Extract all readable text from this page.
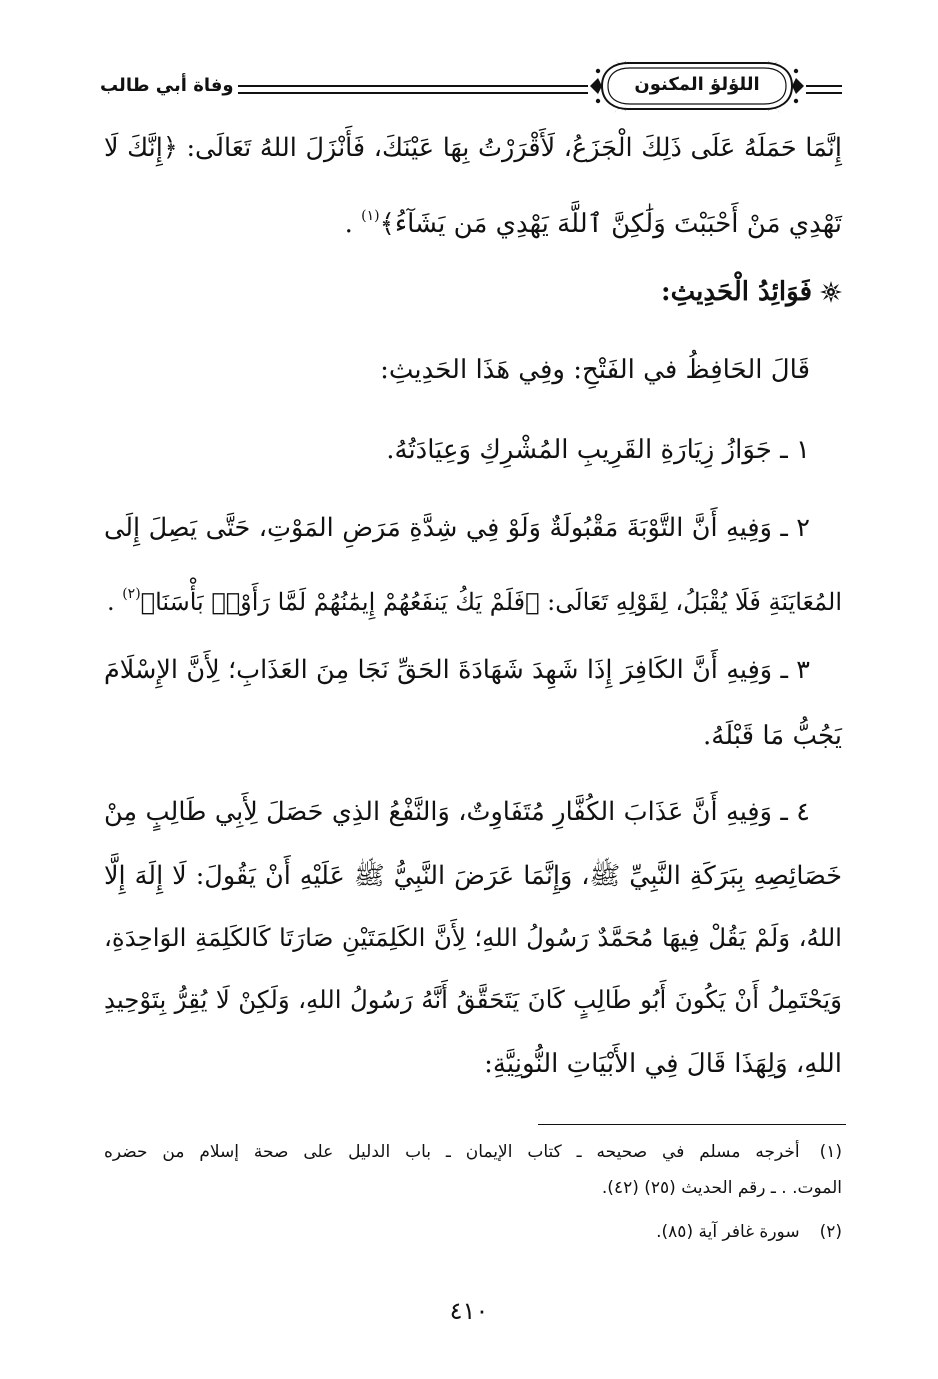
وفاة أبي طالب	اللؤلؤ المكنون
إِنَّمَا حَمَلَهُ عَلَى ذَلِكَ الْجَزَعُ، لَأَقْرَرْتُ بِهَا عَيْنَكَ، فَأَنْزَلَ اللهُ تَعَالَى: ﴿إِنَّكَ لَا
تَهْدِي مَنْ أَحْبَبْتَ وَلَٰكِنَّ ٱللَّهَ يَهْدِي مَن يَشَآءُ﴾$^{(١)}$ .
فَوَائِدُ الْحَدِيثِ:
قَالَ الحَافِظُ في الفَتْحِ: وفِي هَذَا الحَدِيثِ:
١ ـ جَوَازُ زِيَارَةِ القَرِيبِ المُشْرِكِ وَعِيَادَتُهُ.
٢ ـ وَفِيهِ أَنَّ التَّوْبَةَ مَقْبُولَةٌ وَلَوْ فِي شِدَّةِ مَرَضِ المَوْتِ، حَتَّى يَصِلَ إِلَى
المُعَايَنَةِ فَلَا يُقْبَلُ، لِقَوْلِهِ تَعَالَى: ﴿فَلَمْ يَكُ يَنفَعُهُمْ إِيمَٰنُهُمْ لَمَّا رَأَوْا۟ بَأْسَنَا﴾$^{(٢)}$ .
٣ ـ وَفِيهِ أَنَّ الكَافِرَ إِذَا شَهِدَ شَهَادَةَ الحَقِّ نَجَا مِنَ العَذَابِ؛ لِأَنَّ الإِسْلَامَ
يَجُبُّ مَا قَبْلَهُ.
٤ ـ وَفِيهِ أَنَّ عَذَابَ الكُفَّارِ مُتَفَاوِتٌ، وَالنَّفْعُ الذِي حَصَلَ لِأَبِي طَالِبٍ مِنْ
خَصَائِصِهِ بِبَرَكَةِ النَّبِيِّ ﷺ، وَإِنَّمَا عَرَضَ النَّبِيُّ ﷺ عَلَيْهِ أَنْ يَقُولَ: لَا إِلَهَ إِلَّا
اللهُ، وَلَمْ يَقُلْ فِيهَا مُحَمَّدٌ رَسُولُ اللهِ؛ لِأَنَّ الكَلِمَتَيْنِ صَارَتَا كَالكَلِمَةِ الوَاحِدَةِ،
وَيَحْتَمِلُ أَنْ يَكُونَ أَبُو طَالِبٍ كَانَ يَتَحَقَّقُ أَنَّهُ رَسُولُ اللهِ، وَلَكِنْ لَا يُقِرُّ بِتَوْحِيدِ
اللهِ، وَلِهَذَا قَالَ فِي الأَبْيَاتِ النُّونِيَّةِ:
(١)أخرجه مسلم في صحيحه ـ كتاب الإيمان ـ باب الدليل على صحة إسلام من حضره
الموت. . ـ رقم الحديث (٢٥) (٤٢).
(٢)سورة غافر آية (٨٥).
٤١٠
